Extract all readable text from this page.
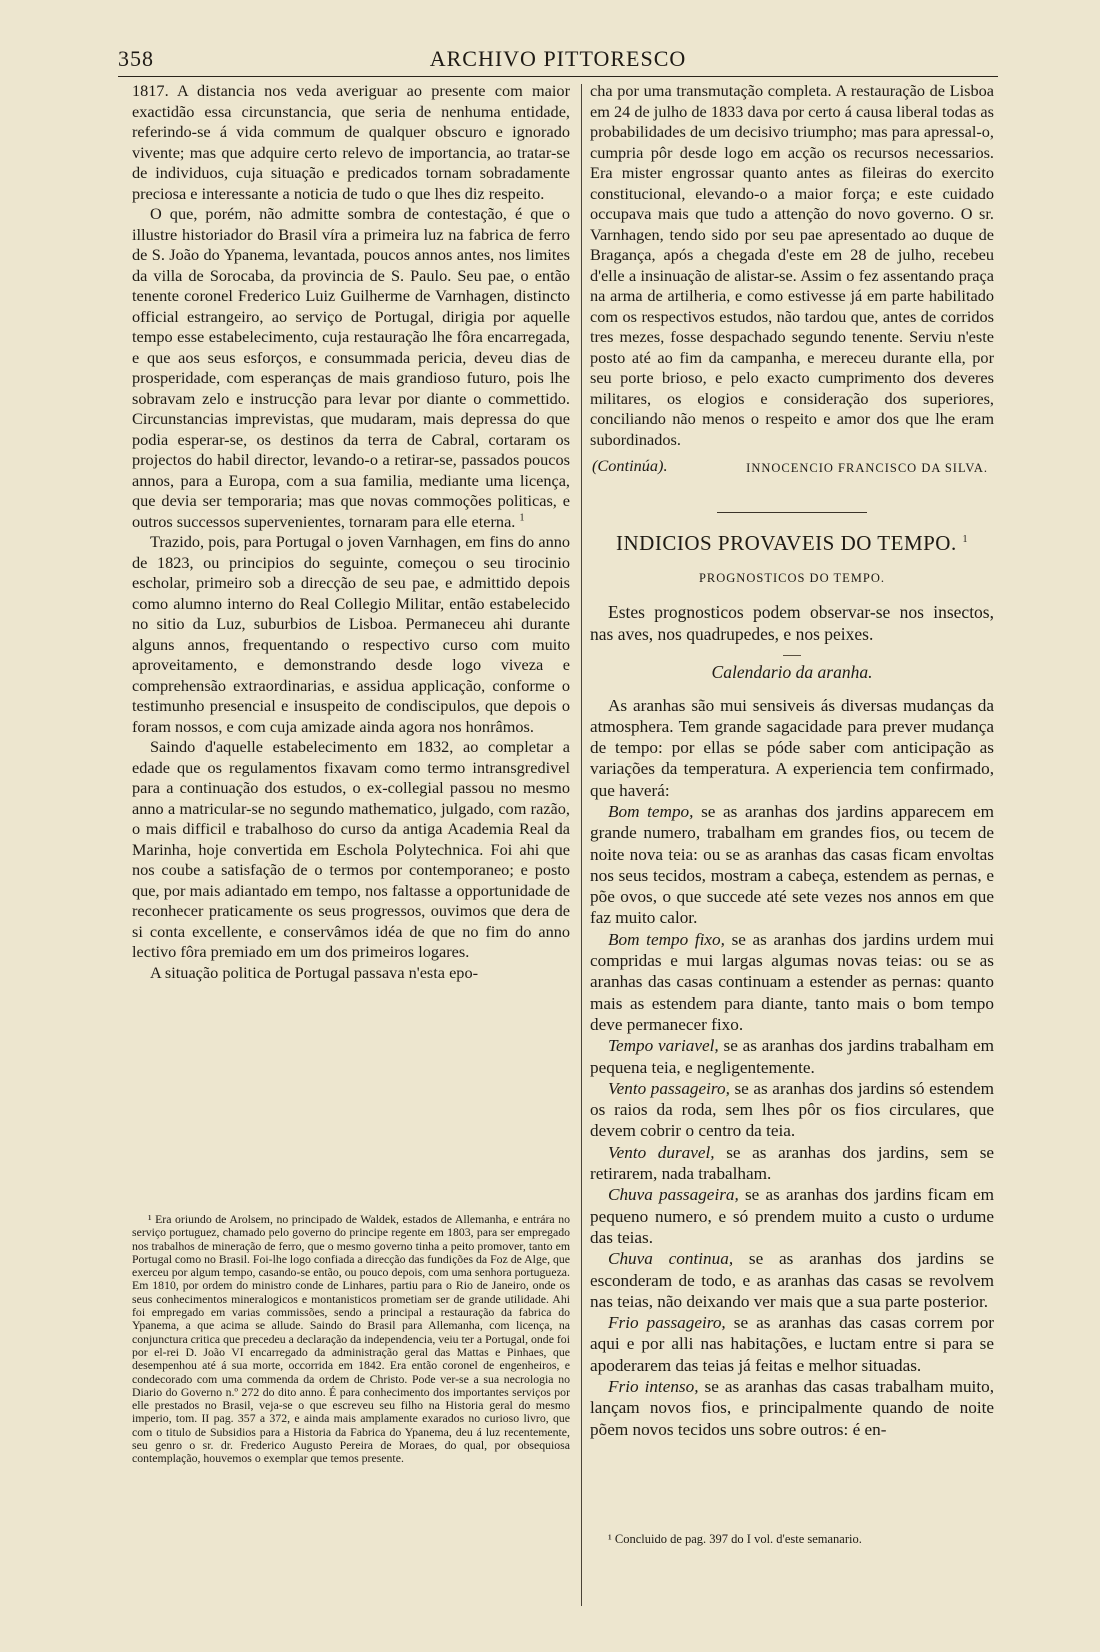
358	ARCHIVO PITTORESCO

1817. A distancia nos veda averiguar ao presente com maior exactidão essa circunstancia, que seria de nenhuma entidade, referindo-se á vida commum de qualquer obscuro e ignorado vivente; mas que adquire certo relevo de importancia, ao tratar-se de individuos, cuja situação e predicados tornam sobradamente preciosa e interessante a noticia de tudo o que lhes diz respeito.

O que, porém, não admitte sombra de contestação, é que o illustre historiador do Brasil víra a primeira luz na fabrica de ferro de S. João do Ypanema, levantada, poucos annos antes, nos limites da villa de Sorocaba, da provincia de S. Paulo. Seu pae, o então tenente coronel Frederico Luiz Guilherme de Varnhagen, distincto official estrangeiro, ao serviço de Portugal, dirigia por aquelle tempo esse estabelecimento, cuja restauração lhe fôra encarregada, e que aos seus esforços, e consummada pericia, deveu dias de prosperidade, com esperanças de mais grandioso futuro, pois lhe sobravam zelo e instrucção para levar por diante o commettido. Circunstancias imprevistas, que mudaram, mais depressa do que podia esperar-se, os destinos da terra de Cabral, cortaram os projectos do habil director, levando-o a retirar-se, passados poucos annos, para a Europa, com a sua familia, mediante uma licença, que devia ser temporaria; mas que novas commoções politicas, e outros successos supervenientes, tornaram para elle eterna. $^1$

Trazido, pois, para Portugal o joven Varnhagen, em fins do anno de 1823, ou principios do seguinte, começou o seu tirocinio escholar, primeiro sob a direcção de seu pae, e admittido depois como alumno interno do Real Collegio Militar, então estabelecido no sitio da Luz, suburbios de Lisboa. Permaneceu ahi durante alguns annos, frequentando o respectivo curso com muito aproveitamento, e demonstrando desde logo viveza e comprehensão extraordinarias, e assidua applicação, conforme o testimunho presencial e insuspeito de condiscipulos, que depois o foram nossos, e com cuja amizade ainda agora nos honrâmos.

Saindo d'aquelle estabelecimento em 1832, ao completar a edade que os regulamentos fixavam como termo intransgredivel para a continuação dos estudos, o ex-collegial passou no mesmo anno a matricular-se no segundo mathematico, julgado, com razão, o mais difficil e trabalhoso do curso da antiga Academia Real da Marinha, hoje convertida em Eschola Polytechnica. Foi ahi que nos coube a satisfação de o termos por contemporaneo; e posto que, por mais adiantado em tempo, nos faltasse a opportunidade de reconhecer praticamente os seus progressos, ouvimos que dera de si conta excellente, e conservâmos idéa de que no fim do anno lectivo fôra premiado em um dos primeiros logares.

A situação politica de Portugal passava n'esta epo-

¹ Era oriundo de Arolsem, no principado de Waldek, estados de Allemanha, e entrára no serviço portuguez, chamado pelo governo do principe regente em 1803, para ser empregado nos trabalhos de mineração de ferro, que o mesmo governo tinha a peito promover, tanto em Portugal como no Brasil. Foi-lhe logo confiada a direcção das fundições da Foz de Alge, que exerceu por algum tempo, casando-se então, ou pouco depois, com uma senhora portugueza. Em 1810, por ordem do ministro conde de Linhares, partiu para o Rio de Janeiro, onde os seus conhecimentos mineralogicos e montanisticos prometiam ser de grande utilidade. Ahi foi empregado em varias commissões, sendo a principal a restauração da fabrica do Ypanema, a que acima se allude. Saindo do Brasil para Allemanha, com licença, na conjunctura critica que precedeu a declaração da independencia, veiu ter a Portugal, onde foi por el-rei D. João VI encarregado da administração geral das Mattas e Pinhaes, que desempenhou até á sua morte, occorrida em 1842. Era então coronel de engenheiros, e condecorado com uma commenda da ordem de Christo. Pode ver-se a sua necrologia no Diario do Governo n.º 272 do dito anno. É para conhecimento dos importantes serviços por elle prestados no Brasil, veja-se o que escreveu seu filho na Historia geral do mesmo imperio, tom. II pag. 357 a 372, e ainda mais amplamente exarados no curioso livro, que com o titulo de Subsidios para a Historia da Fabrica do Ypanema, deu á luz recentemente, seu genro o sr. dr. Frederico Augusto Pereira de Moraes, do qual, por obsequiosa contemplação, houvemos o exemplar que temos presente.

cha por uma transmutação completa. A restauração de Lisboa em 24 de julho de 1833 dava por certo á causa liberal todas as probabilidades de um decisivo triumpho; mas para apressal-o, cumpria pôr desde logo em acção os recursos necessarios. Era mister engrossar quanto antes as fileiras do exercito constitucional, elevando-o a maior força; e este cuidado occupava mais que tudo a attenção do novo governo. O sr. Varnhagen, tendo sido por seu pae apresentado ao duque de Bragança, após a chegada d'este em 28 de julho, recebeu d'elle a insinuação de alistar-se. Assim o fez assentando praça na arma de artilheria, e como estivesse já em parte habilitado com os respectivos estudos, não tardou que, antes de corridos tres mezes, fosse despachado segundo tenente. Serviu n'este posto até ao fim da campanha, e mereceu durante ella, por seu porte brioso, e pelo exacto cumprimento dos deveres militares, os elogios e consideração dos superiores, conciliando não menos o respeito e amor dos que lhe eram subordinados.

(Continúa).	INNOCENCIO FRANCISCO DA SILVA.
INDICIOS PROVAVEIS DO TEMPO. $^1$
PROGNOSTICOS DO TEMPO.

Estes prognosticos podem observar-se nos insectos, nas aves, nos quadrupedes, e nos peixes.

Calendario da aranha.

As aranhas são mui sensiveis ás diversas mudanças da atmosphera. Tem grande sagacidade para prever mudança de tempo: por ellas se póde saber com anticipação as variações da temperatura. A experiencia tem confirmado, que haverá:

Bom tempo, se as aranhas dos jardins apparecem em grande numero, trabalham em grandes fios, ou tecem de noite nova teia: ou se as aranhas das casas ficam envoltas nos seus tecidos, mostram a cabeça, estendem as pernas, e põe ovos, o que succede até sete vezes nos annos em que faz muito calor.

Bom tempo fixo, se as aranhas dos jardins urdem mui compridas e mui largas algumas novas teias: ou se as aranhas das casas continuam a estender as pernas: quanto mais as estendem para diante, tanto mais o bom tempo deve permanecer fixo.

Tempo variavel, se as aranhas dos jardins trabalham em pequena teia, e negligentemente.

Vento passageiro, se as aranhas dos jardins só estendem os raios da roda, sem lhes pôr os fios circulares, que devem cobrir o centro da teia.

Vento duravel, se as aranhas dos jardins, sem se retirarem, nada trabalham.

Chuva passageira, se as aranhas dos jardins ficam em pequeno numero, e só prendem muito a custo o urdume das teias.

Chuva continua, se as aranhas dos jardins se esconderam de todo, e as aranhas das casas se revolvem nas teias, não deixando ver mais que a sua parte posterior.

Frio passageiro, se as aranhas das casas correm por aqui e por alli nas habitações, e luctam entre si para se apoderarem das teias já feitas e melhor situadas.

Frio intenso, se as aranhas das casas trabalham muito, lançam novos fios, e principalmente quando de noite põem novos tecidos uns sobre outros: é en-

¹ Concluido de pag. 397 do I vol. d'este semanario.
